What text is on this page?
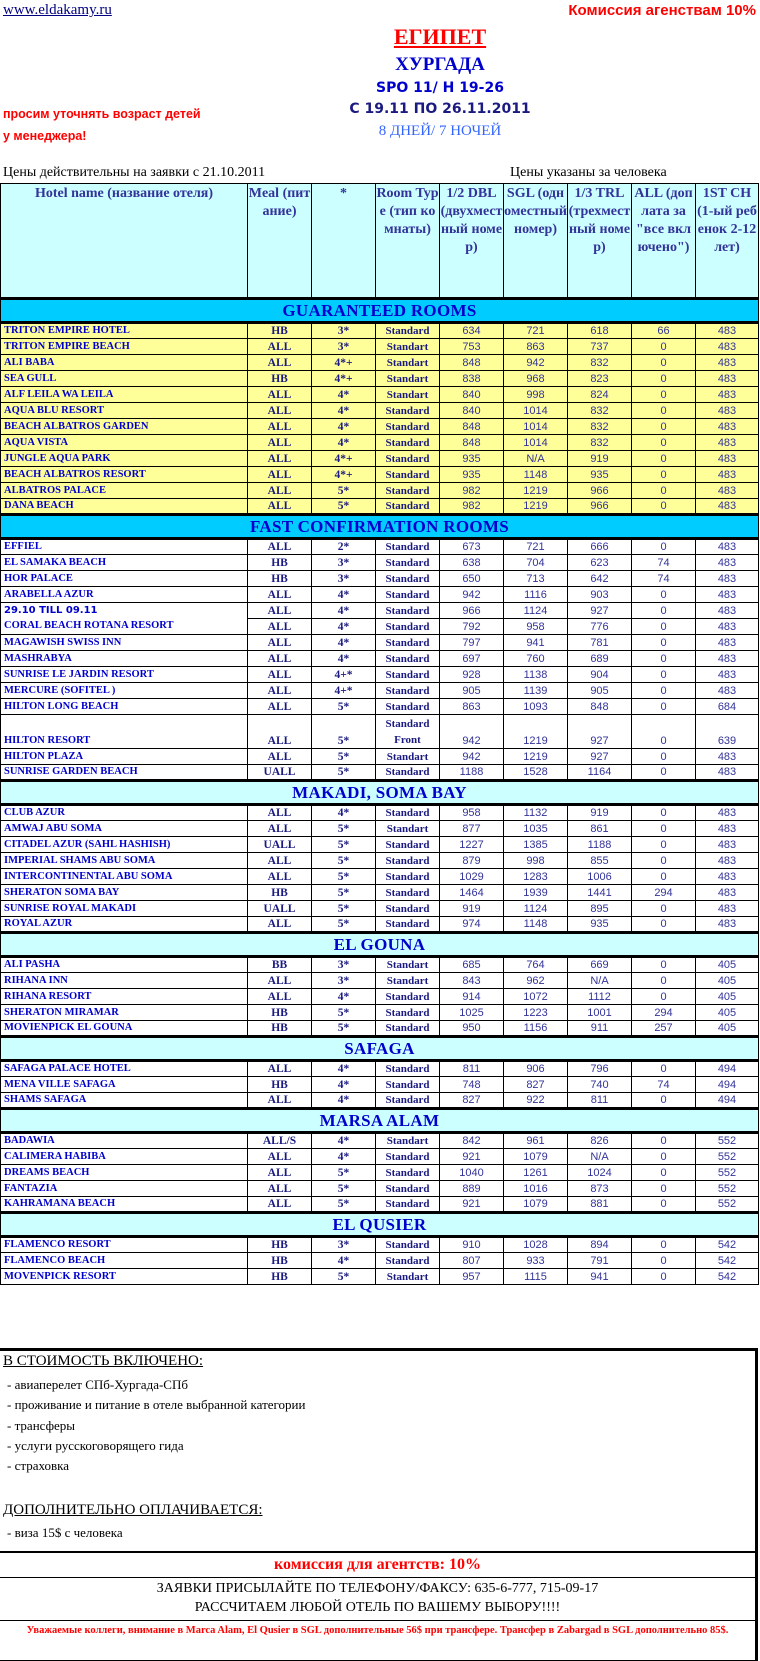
www.eldakamy.ru	Комиссия агенствам 10%
ЕГИПЕТ
ХУРГАДА
SPO 11/ H 19-26
С 19.11 ПО 26.11.2011
8 ДНЕЙ/ 7 НОЧЕЙ
просим уточнять возраст детей
у менеджера!
Цены действительны на заявки с 21.10.2011	Цены указаны за человека
Hotel name (название отеля)	Meal (питание)	*	Room Type (тип комнаты)	1/2 DBL (двухместный номер)	SGL (одноместный номер)	1/3 TRL (трехместный номер)	ALL (доплата за "все включено")	1ST CH (1-ый ребенок 2-12 лет)
GUARANTEED ROOMS								
TRITON EMPIRE HOTEL	HB	3*	Standard	634	721	618	66	483
TRITON EMPIRE BEACH	ALL	3*	Standart	753	863	737	0	483
ALI BABA	ALL	4*+	Standart	848	942	832	0	483
SEA GULL	HB	4*+	Standart	838	968	823	0	483
ALF LEILA WA LEILA	ALL	4*	Standart	840	998	824	0	483
AQUA BLU RESORT	ALL	4*	Standard	840	1014	832	0	483
BEACH ALBATROS GARDEN	ALL	4*	Standard	848	1014	832	0	483
AQUA VISTA	ALL	4*	Standard	848	1014	832	0	483
JUNGLE AQUA PARK	ALL	4*+	Standard	935	N/A	919	0	483
BEACH ALBATROS RESORT	ALL	4*+	Standard	935	1148	935	0	483
ALBATROS PALACE	ALL	5*	Standard	982	1219	966	0	483
DANA BEACH	ALL	5*	Standard	982	1219	966	0	483
FAST CONFIRMATION ROOMS								
EFFIEL	ALL	2*	Standard	673	721	666	0	483
EL SAMAKA BEACH	HB	3*	Standard	638	704	623	74	483
HOR PALACE	HB	3*	Standard	650	713	642	74	483
ARABELLA AZUR	ALL	4*	Standard	942	1116	903	0	483
29.10 TILL 09.11	ALL	4*	Standard	966	1124	927	0	483
CORAL BEACH ROTANA RESORT	ALL	4*	Standard	792	958	776	0	483
MAGAWISH SWISS INN	ALL	4*	Standard	797	941	781	0	483
MASHRABYA	ALL	4*	Standard	697	760	689	0	483
SUNRISE LE JARDIN RESORT	ALL	4+*	Standard	928	1138	904	0	483
MERCURE (SOFITEL )	ALL	4+*	Standard	905	1139	905	0	483
HILTON LONG BEACH	ALL	5*	Standard	863	1093	848	0	684
HILTON RESORT	ALL	5*	Standard Front	942	1219	927	0	639
HILTON PLAZA	ALL	5*	Standart	942	1219	927	0	483
SUNRISE GARDEN BEACH	UALL	5*	Standard	1188	1528	1164	0	483
MAKADI, SOMA BAY								
CLUB AZUR	ALL	4*	Standard	958	1132	919	0	483
AMWAJ ABU SOMA	ALL	5*	Standart	877	1035	861	0	483
CITADEL AZUR (SAHL HASHISH)	UALL	5*	Standard	1227	1385	1188	0	483
IMPERIAL SHAMS ABU SOMA	ALL	5*	Standard	879	998	855	0	483
INTERCONTINENTAL ABU SOMA	ALL	5*	Standard	1029	1283	1006	0	483
SHERATON SOMA BAY	HB	5*	Standard	1464	1939	1441	294	483
SUNRISE ROYAL MAKADI	UALL	5*	Standard	919	1124	895	0	483
ROYAL AZUR	ALL	5*	Standard	974	1148	935	0	483
EL GOUNA								
ALI PASHA	BB	3*	Standart	685	764	669	0	405
RIHANA INN	ALL	3*	Standart	843	962	N/A	0	405
RIHANA RESORT	ALL	4*	Standard	914	1072	1112	0	405
SHERATON MIRAMAR	HB	5*	Standard	1025	1223	1001	294	405
MOVIENPICK EL GOUNA	HB	5*	Standard	950	1156	911	257	405
SAFAGA								
SAFAGA PALACE HOTEL	ALL	4*	Standard	811	906	796	0	494
MENA VILLE SAFAGA	HB	4*	Standard	748	827	740	74	494
SHAMS SAFAGA	ALL	4*	Standard	827	922	811	0	494
MARSA ALAM								
BADAWIA	ALL/S	4*	Standart	842	961	826	0	552
CALIMERA HABIBA	ALL	4*	Standard	921	1079	N/A	0	552
DREAMS BEACH	ALL	5*	Standard	1040	1261	1024	0	552
FANTAZIA	ALL	5*	Standard	889	1016	873	0	552
KAHRAMANA BEACH	ALL	5*	Standard	921	1079	881	0	552
EL QUSIER								
FLAMENCO RESORT	HB	3*	Standard	910	1028	894	0	542
FLAMENCO BEACH	HB	4*	Standard	807	933	791	0	542
MOVENPICK RESORT	HB	5*	Standart	957	1115	941	0	542
В СТОИМОСТЬ ВКЛЮЧЕНО:
- авиаперелет СПб-Хургада-СПб
- проживание и питание в отеле выбранной категории
- трансферы
- услуги русскоговорящего гида
- страховка
ДОПОЛНИТЕЛЬНО ОПЛАЧИВАЕТСЯ:
- виза 15$ с человека
комиссия для агентств: 10%
ЗАЯВКИ ПРИСЫЛАЙТЕ ПО ТЕЛЕФОНУ/ФАКСУ: 635-6-777, 715-09-17
РАССЧИТАЕМ ЛЮБОЙ ОТЕЛЬ ПО ВАШЕМУ ВЫБОРУ!!!!
Уважаемые коллеги, внимание в Marca Alam, El Qusier в SGL дополнительные 56$ при трансфере. Трансфер в Zabargad в SGL дополнительно 85$.
